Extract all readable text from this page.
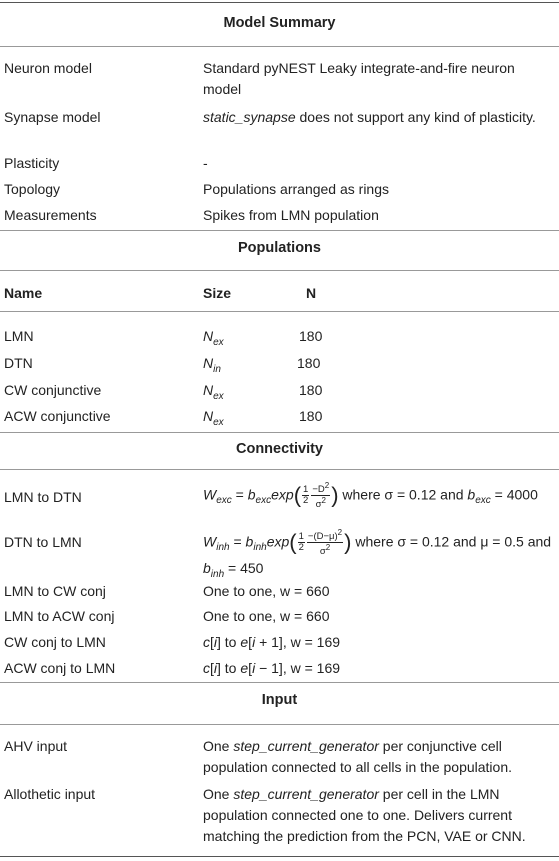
Model Summary
Neuron model	Standard pyNEST Leaky integrate-and-fire neuron model
Synapse model	static_synapse does not support any kind of plasticity.
Plasticity	-
Topology	Populations arranged as rings
Measurements	Spikes from LMN population
Populations
Name	Size	N
LMN	$N_{ex}$	180
DTN	$N_{in}$	180
CW conjunctive	$N_{ex}$	180
ACW conjunctive	$N_{ex}$	180
Connectivity
LMN to DTN	$W_{exc} = b_{exc}\exp( \frac{1}{2} \frac{-D^2}{\sigma^2}$ ) where σ = 0.12 and $b_{exc} = 4000$
DTN to LMN	$W_{inh} = b_{inh}\exp( \frac{1}{2} \frac{-(D-\mu)^2}{\sigma^2}$ ) where σ = 0.12 and μ = 0.5 and $b_{inh} = 450$
LMN to CW conj	One to one, w = 660
LMN to ACW conj	One to one, w = 660
CW conj to LMN	c[i] to e[i + 1], w = 169
ACW conj to LMN	c[i] to e[i − 1], w = 169
Input
AHV input	One step_current_generator per conjunctive cell population connected to all cells in the population.
Allothetic input	One step_current_generator per cell in the LMN population connected one to one. Delivers current matching the prediction from the PCN, VAE or CNN.
